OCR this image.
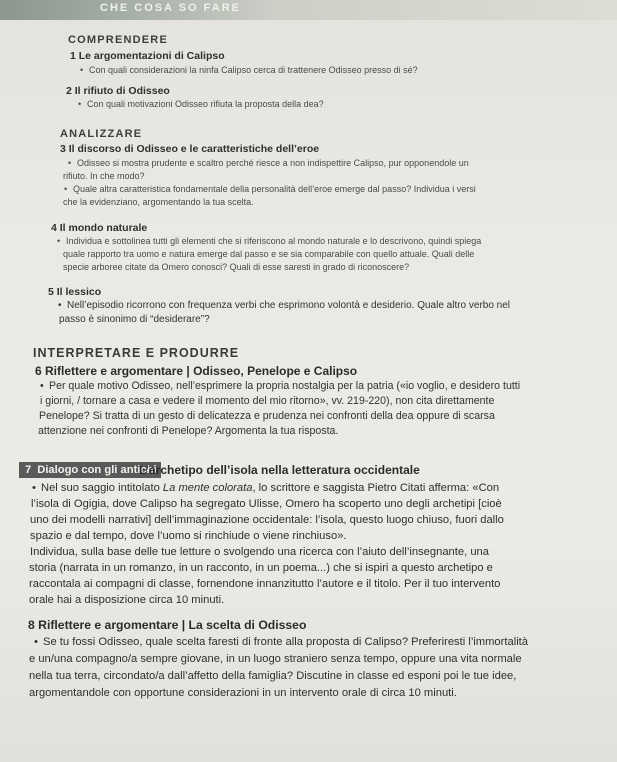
CHE COSA SO FARE
COMPRENDERE
1 Le argomentazioni di Calipso
• Con quali considerazioni la ninfa Calipso cerca di trattenere Odisseo presso di sé?
2 Il rifiuto di Odisseo
• Con quali motivazioni Odisseo rifiuta la proposta della dea?
ANALIZZARE
3 Il discorso di Odisseo e le caratteristiche dell’eroe
• Odisseo si mostra prudente e scaltro perché riesce a non indispettire Calipso, pur opponendole un
rifiuto. In che modo?
• Quale altra caratteristica fondamentale della personalità dell’eroe emerge dal passo? Individua i versi
che la evidenziano, argomentando la tua scelta.
4 Il mondo naturale
• Individua e sottolinea tutti gli elementi che si riferiscono al mondo naturale e lo descrivono, quindi spiega
quale rapporto tra uomo e natura emerge dal passo e se sia comparabile con quello attuale. Quali delle
specie arboree citate da Omero conosci? Quali di esse saresti in grado di riconoscere?
5 Il lessico
• Nell’episodio ricorrono con frequenza verbi che esprimono volontà e desiderio. Quale altro verbo nel
passo è sinonimo di “desiderare”?
INTERPRETARE E PRODURRE
6 Riflettere e argomentare | Odisseo, Penelope e Calipso
• Per quale motivo Odisseo, nell’esprimere la propria nostalgia per la patria («io voglio, e desidero tutti
i giorni, / tornare a casa e vedere il momento del mio ritorno», vv. 219-220), non cita direttamente
Penelope? Si tratta di un gesto di delicatezza e prudenza nei confronti della dea oppure di scarsa
attenzione nei confronti di Penelope? Argomenta la tua risposta.
7 Dialogo con gli antichi
L’archetipo dell’isola nella letteratura occidentale
• Nel suo saggio intitolato La mente colorata, lo scrittore e saggista Pietro Citati afferma: «Con
l’isola di Ogigia, dove Calipso ha segregato Ulisse, Omero ha scoperto uno degli archetipi [cioè
uno dei modelli narrativi] dell’immaginazione occidentale: l’isola, questo luogo chiuso, fuori dallo
spazio e dal tempo, dove l’uomo si rinchiude o viene rinchiuso».
Individua, sulla base delle tue letture o svolgendo una ricerca con l’aiuto dell’insegnante, una
storia (narrata in un romanzo, in un racconto, in un poema...) che si ispiri a questo archetipo e
raccontala ai compagni di classe, fornendone innanzitutto l’autore e il titolo. Per il tuo intervento
orale hai a disposizione circa 10 minuti.
8 Riflettere e argomentare | La scelta di Odisseo
• Se tu fossi Odisseo, quale scelta faresti di fronte alla proposta di Calipso? Preferiresti l’immortalità
e un/una compagno/a sempre giovane, in un luogo straniero senza tempo, oppure una vita normale
nella tua terra, circondato/a dall’affetto della famiglia? Discutine in classe ed esponi poi le tue idee,
argomentandole con opportune considerazioni in un intervento orale di circa 10 minuti.
